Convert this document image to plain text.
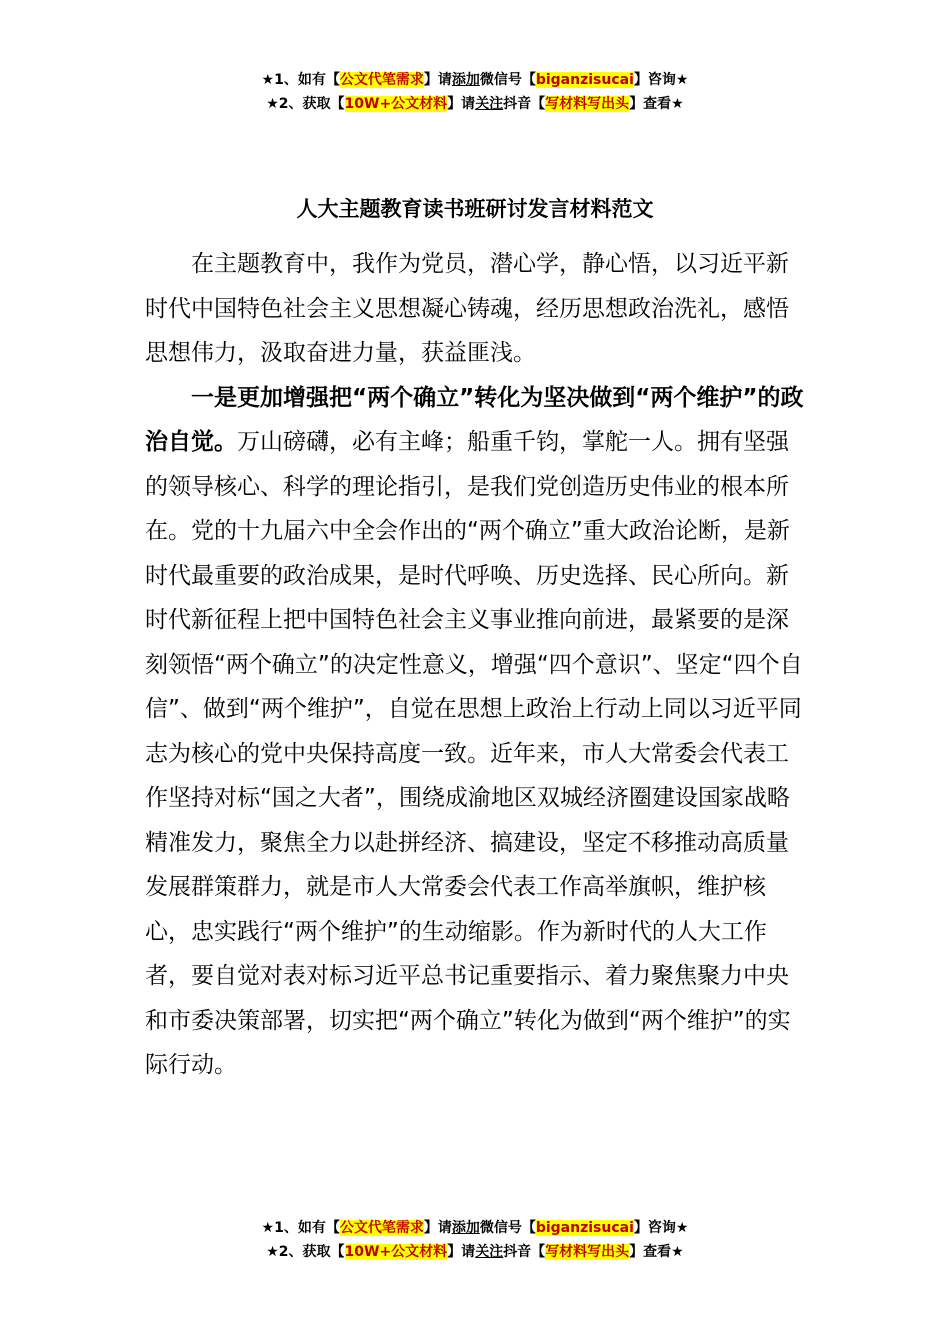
★1、如有【公文代笔需求】请添加微信号【biganzisucai】咨询★
★2、获取【10W+公文材料】请关注抖音【写材料写出头】查看★
人大主题教育读书班研讨发言材料范文

在主题教育中，我作为党员，潜心学，静心悟，以习近平新时代中国特色社会主义思想凝心铸魂，经历思想政治洗礼，感悟思想伟力，汲取奋进力量，获益匪浅。

一是更加增强把“两个确立”转化为坚决做到“两个维护”的政治自觉。万山磅礴，必有主峰；船重千钧，掌舵一人。拥有坚强的领导核心、科学的理论指引，是我们党创造历史伟业的根本所在。党的十九届六中全会作出的“两个确立”重大政治论断，是新时代最重要的政治成果，是时代呼唤、历史选择、民心所向。新时代新征程上把中国特色社会主义事业推向前进，最紧要的是深刻领悟“两个确立”的决定性意义，增强“四个意识”、坚定“四个自信”、做到“两个维护”，自觉在思想上政治上行动上同以习近平同志为核心的党中央保持高度一致。近年来，市人大常委会代表工作坚持对标“国之大者”，围绕成渝地区双城经济圈建设国家战略精准发力，聚焦全力以赴拼经济、搞建设，坚定不移推动高质量发展群策群力，就是市人大常委会代表工作高举旗帜，维护核心，忠实践行“两个维护”的生动缩影。作为新时代的人大工作者，要自觉对表对标习近平总书记重要指示、着力聚焦聚力中央和市委决策部署，切实把“两个确立”转化为做到“两个维护”的实际行动。

★1、如有【公文代笔需求】请添加微信号【biganzisucai】咨询★
★2、获取【10W+公文材料】请关注抖音【写材料写出头】查看★
